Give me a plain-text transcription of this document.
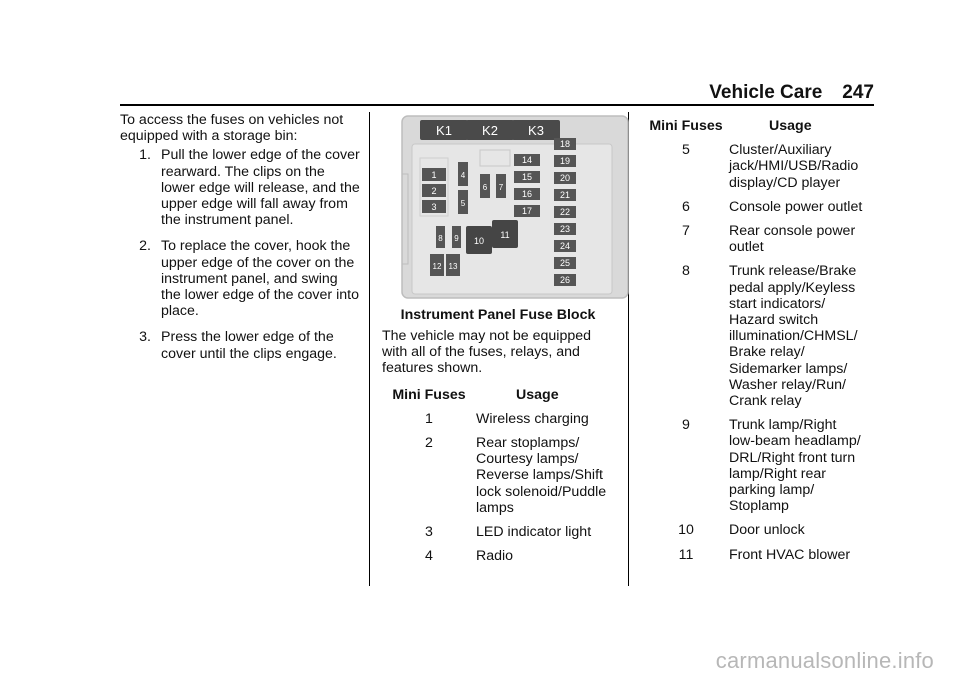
Vehicle Care 247

To access the fuses on vehicles not equipped with a storage bin:

1. Pull the lower edge of the cover rearward. The clips on the lower edge will release, and the upper edge will fall away from the instrument panel.
2. To replace the cover, hook the upper edge of the cover on the instrument panel, and swing the lower edge of the cover into place.
3. Press the lower edge of the cover until the clips engage.
K1 K2 K3
1
2
3
4
5
6 7
14
15
16
17
18
19
20
21
22
23
24
25
26
8 9 10
11
12 13
Instrument Panel Fuse Block

The vehicle may not be equipped with all of the fuses, relays, and features shown.

Mini Fuses	Usage
1	Wireless charging
2	Rear stoplamps/ Courtesy lamps/ Reverse lamps/Shift lock solenoid/Puddle lamps
3	LED indicator light
4	Radio
Mini Fuses	Usage
5	Cluster/Auxiliary jack/HMI/USB/Radio display/CD player
6	Console power outlet
7	Rear console power outlet
8	Trunk release/Brake pedal apply/Keyless start indicators/ Hazard switch illumination/CHMSL/ Brake relay/ Sidemarker lamps/ Washer relay/Run/ Crank relay
9	Trunk lamp/Right low-beam headlamp/ DRL/Right front turn lamp/Right rear parking lamp/ Stoplamp
10	Door unlock
11	Front HVAC blower
carmanualsonline.info
